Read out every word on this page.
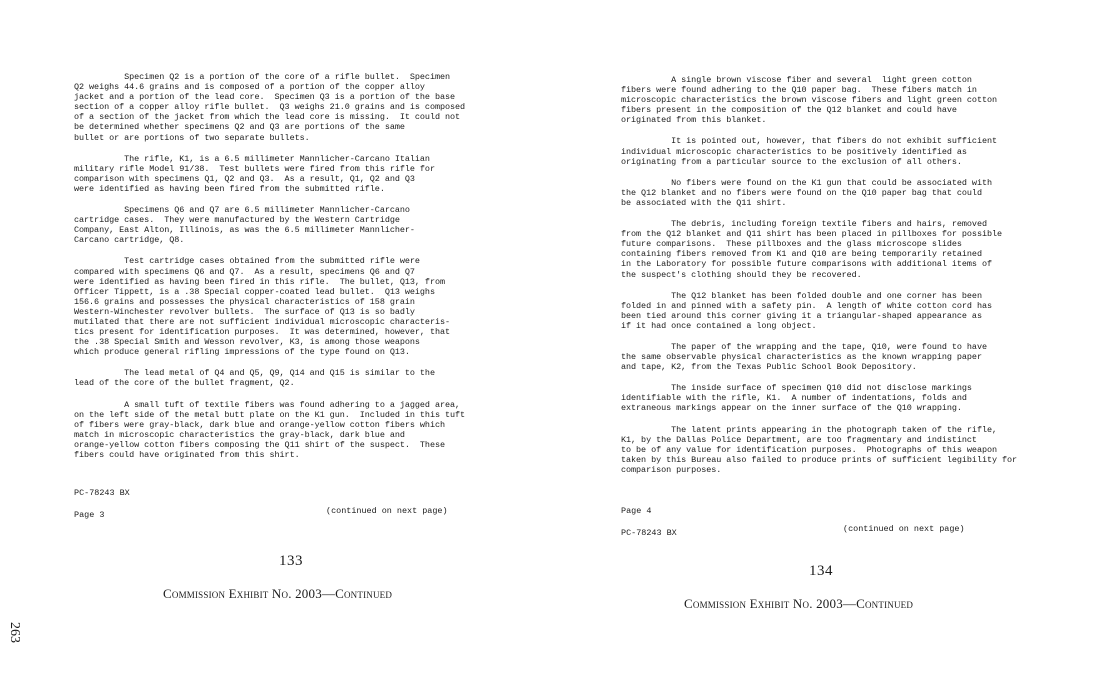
Specimen Q2 is a portion of the core of a rifle bullet.  Specimen
Q2 weighs 44.6 grains and is composed of a portion of the copper alloy
jacket and a portion of the lead core.  Specimen Q3 is a portion of the base
section of a copper alloy rifle bullet.  Q3 weighs 21.0 grains and is composed
of a section of the jacket from which the lead core is missing.  It could not
be determined whether specimens Q2 and Q3 are portions of the same
bullet or are portions of two separate bullets.
The rifle, K1, is a 6.5 millimeter Mannlicher-Carcano Italian
military rifle Model 91/38.  Test bullets were fired from this rifle for
comparison with specimens Q1, Q2 and Q3.  As a result, Q1, Q2 and Q3
were identified as having been fired from the submitted rifle.
Specimens Q6 and Q7 are 6.5 millimeter Mannlicher-Carcano
cartridge cases.  They were manufactured by the Western Cartridge
Company, East Alton, Illinois, as was the 6.5 millimeter Mannlicher-
Carcano cartridge, Q8.
Test cartridge cases obtained from the submitted rifle were
compared with specimens Q6 and Q7.  As a result, specimens Q6 and Q7
were identified as having been fired in this rifle.  The bullet, Q13, from
Officer Tippett, is a .38 Special copper-coated lead bullet.  Q13 weighs
156.6 grains and possesses the physical characteristics of 158 grain
Western-Winchester revolver bullets.  The surface of Q13 is so badly
mutilated that there are not sufficient individual microscopic characteris-
tics present for identification purposes.  It was determined, however, that
the .38 Special Smith and Wesson revolver, K3, is among those weapons
which produce general rifling impressions of the type found on Q13.
The lead metal of Q4 and Q5, Q9, Q14 and Q15 is similar to the
lead of the core of the bullet fragment, Q2.
A small tuft of textile fibers was found adhering to a jagged area,
on the left side of the metal butt plate on the K1 gun.  Included in this tuft
of fibers were gray-black, dark blue and orange-yellow cotton fibers which
match in microscopic characteristics the gray-black, dark blue and
orange-yellow cotton fibers composing the Q11 shirt of the suspect.  These
fibers could have originated from this shirt.
PC-78243 BX
Page 3	(continued on next page)
133
Commission Exhibit No. 2003—Continued
263
A single brown viscose fiber and several  light green cotton
fibers were found adhering to the Q10 paper bag.  These fibers match in
microscopic characteristics the brown viscose fibers and light green cotton
fibers present in the composition of the Q12 blanket and could have
originated from this blanket.
It is pointed out, however, that fibers do not exhibit sufficient
individual microscopic characteristics to be positively identified as
originating from a particular source to the exclusion of all others.
No fibers were found on the K1 gun that could be associated with
the Q12 blanket and no fibers were found on the Q10 paper bag that could
be associated with the Q11 shirt.
The debris, including foreign textile fibers and hairs, removed
from the Q12 blanket and Q11 shirt has been placed in pillboxes for possible
future comparisons.  These pillboxes and the glass microscope slides
containing fibers removed from K1 and Q10 are being temporarily retained
in the Laboratory for possible future comparisons with additional items of
the suspect's clothing should they be recovered.
The Q12 blanket has been folded double and one corner has been
folded in and pinned with a safety pin.  A length of white cotton cord has
been tied around this corner giving it a triangular-shaped appearance as
if it had once contained a long object.
The paper of the wrapping and the tape, Q10, were found to have
the same observable physical characteristics as the known wrapping paper
and tape, K2, from the Texas Public School Book Depository.
The inside surface of specimen Q10 did not disclose markings
identifiable with the rifle, K1.  A number of indentations, folds and
extraneous markings appear on the inner surface of the Q10 wrapping.
The latent prints appearing in the photograph taken of the rifle,
K1, by the Dallas Police Department, are too fragmentary and indistinct
to be of any value for identification purposes.  Photographs of this weapon
taken by this Bureau also failed to produce prints of sufficient legibility for
comparison purposes.
Page 4
PC-78243 BX	(continued on next page)
134
Commission Exhibit No. 2003—Continued
